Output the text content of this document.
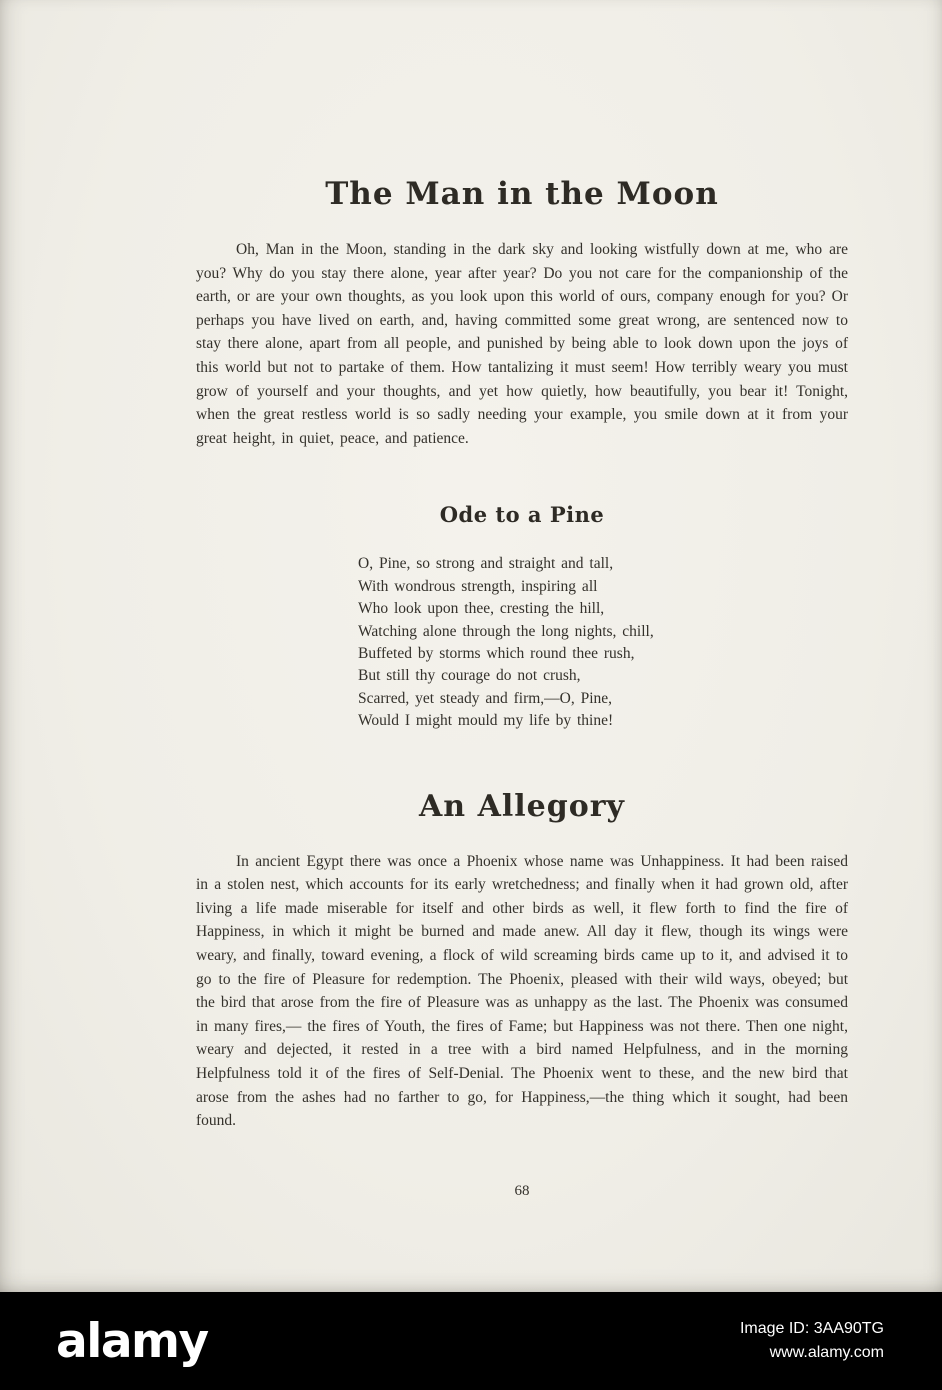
The Man in the Moon

Oh, Man in the Moon, standing in the dark sky and looking wistfully down at me, who are you? Why do you stay there alone, year after year? Do you not care for the companionship of the earth, or are your own thoughts, as you look upon this world of ours, company enough for you? Or perhaps you have lived on earth, and, having committed some great wrong, are sentenced now to stay there alone, apart from all people, and punished by being able to look down upon the joys of this world but not to partake of them. How tantalizing it must seem! How terribly weary you must grow of yourself and your thoughts, and yet how quietly, how beautifully, you bear it! Tonight, when the great restless world is so sadly needing your example, you smile down at it from your great height, in quiet, peace, and patience.

Ode to a Pine
O, Pine, so strong and straight and tall,
With wondrous strength, inspiring all
Who look upon thee, cresting the hill,
Watching alone through the long nights, chill,
Buffeted by storms which round thee rush,
But still thy courage do not crush,
Scarred, yet steady and firm,—O, Pine,
Would I might mould my life by thine!
An Allegory

In ancient Egypt there was once a Phoenix whose name was Unhappiness. It had been raised in a stolen nest, which accounts for its early wretchedness; and finally when it had grown old, after living a life made miserable for itself and other birds as well, it flew forth to find the fire of Happiness, in which it might be burned and made anew. All day it flew, though its wings were weary, and finally, toward evening, a flock of wild screaming birds came up to it, and advised it to go to the fire of Pleasure for redemption. The Phoenix, pleased with their wild ways, obeyed; but the bird that arose from the fire of Pleasure was as unhappy as the last. The Phoenix was consumed in many fires,— the fires of Youth, the fires of Fame; but Happiness was not there. Then one night, weary and dejected, it rested in a tree with a bird named Helpfulness, and in the morning Helpfulness told it of the fires of Self-Denial. The Phoenix went to these, and the new bird that arose from the ashes had no farther to go, for Happiness,—the thing which it sought, had been found.

68
alamy	Image ID: 3AA90TG
www.alamy.com
